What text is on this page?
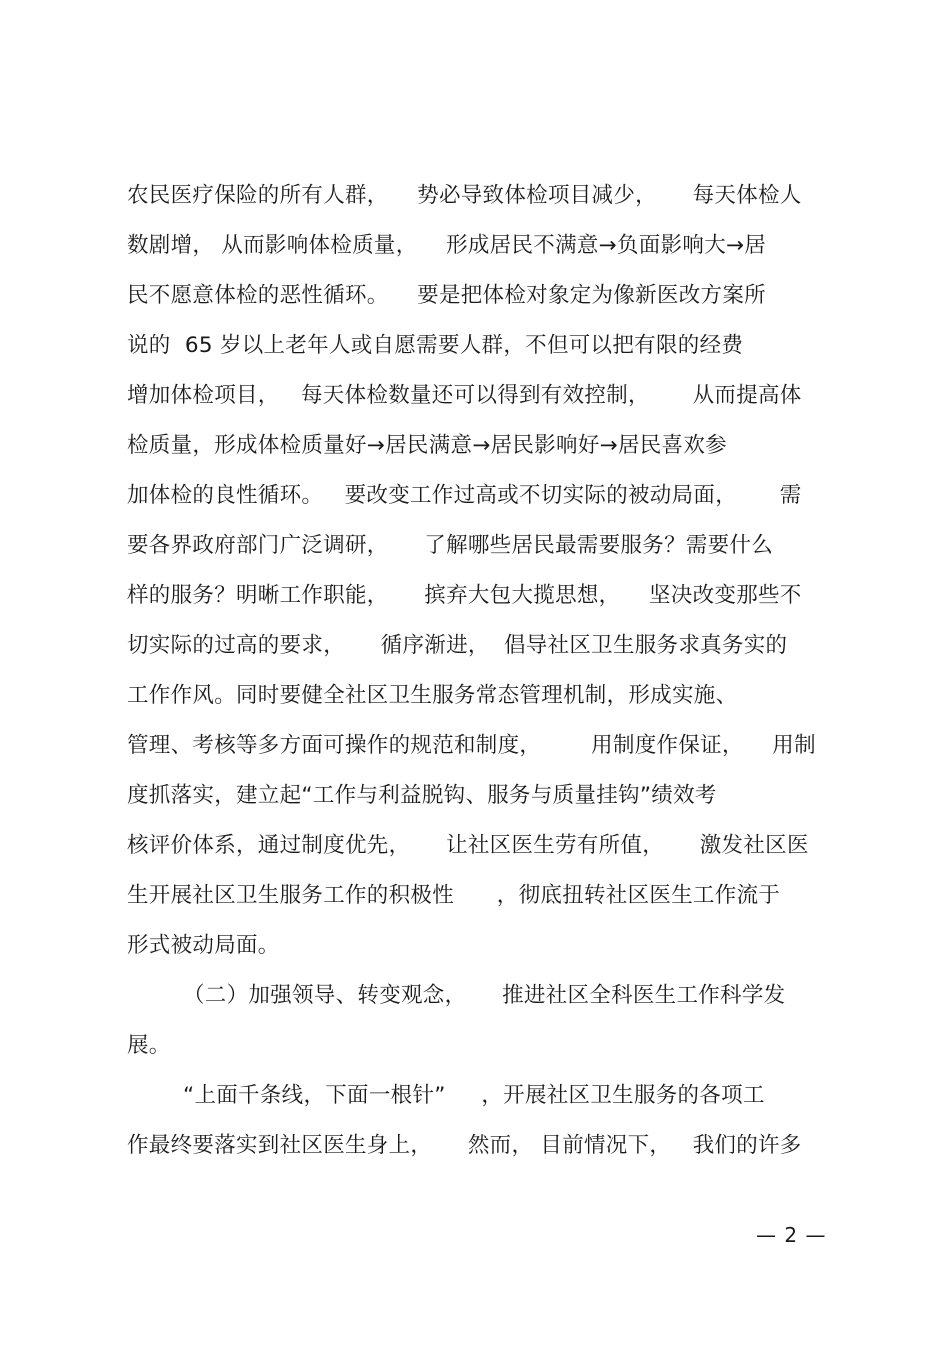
农民医疗保险的所有人群，    势必导致体检项目减少，     每天体检人
数剧增， 从而影响体检质量，    形成居民不满意→负面影响大→居
民不愿意体检的恶性循环。    要是把体检对象定为像新医改方案所
说的  65 岁以上老年人或自愿需要人群，不但可以把有限的经费
增加体检项目，   每天体检数量还可以得到有效控制，      从而提高体
检质量，形成体检质量好→居民满意→居民影响好→居民喜欢参
加体检的良性循环。   要改变工作过高或不切实际的被动局面，      需
要各界政府部门广泛调研，     了解哪些居民最需要服务？需要什么
样的服务？明晰工作职能，     摈弃大包大揽思想，    坚决改变那些不
切实际的过高的要求，     循序渐进，  倡导社区卫生服务求真务实的
工作作风。同时要健全社区卫生服务常态管理机制，形成实施、
管理、考核等多方面可操作的规范和制度，       用制度作保证，    用制
度抓落实，建立起“工作与利益脱钩、服务与质量挂钩”绩效考
核评价体系，通过制度优先，     让社区医生劳有所值，     激发社区医
生开展社区卫生服务工作的积极性      ，彻底扭转社区医生工作流于
形式被动局面。
（二）加强领导、转变观念，     推进社区全科医生工作科学发
展。
“上面千条线，下面一根针”     ，开展社区卫生服务的各项工
作最终要落实到社区医生身上，     然而， 目前情况下，   我们的许多
— 2 —
